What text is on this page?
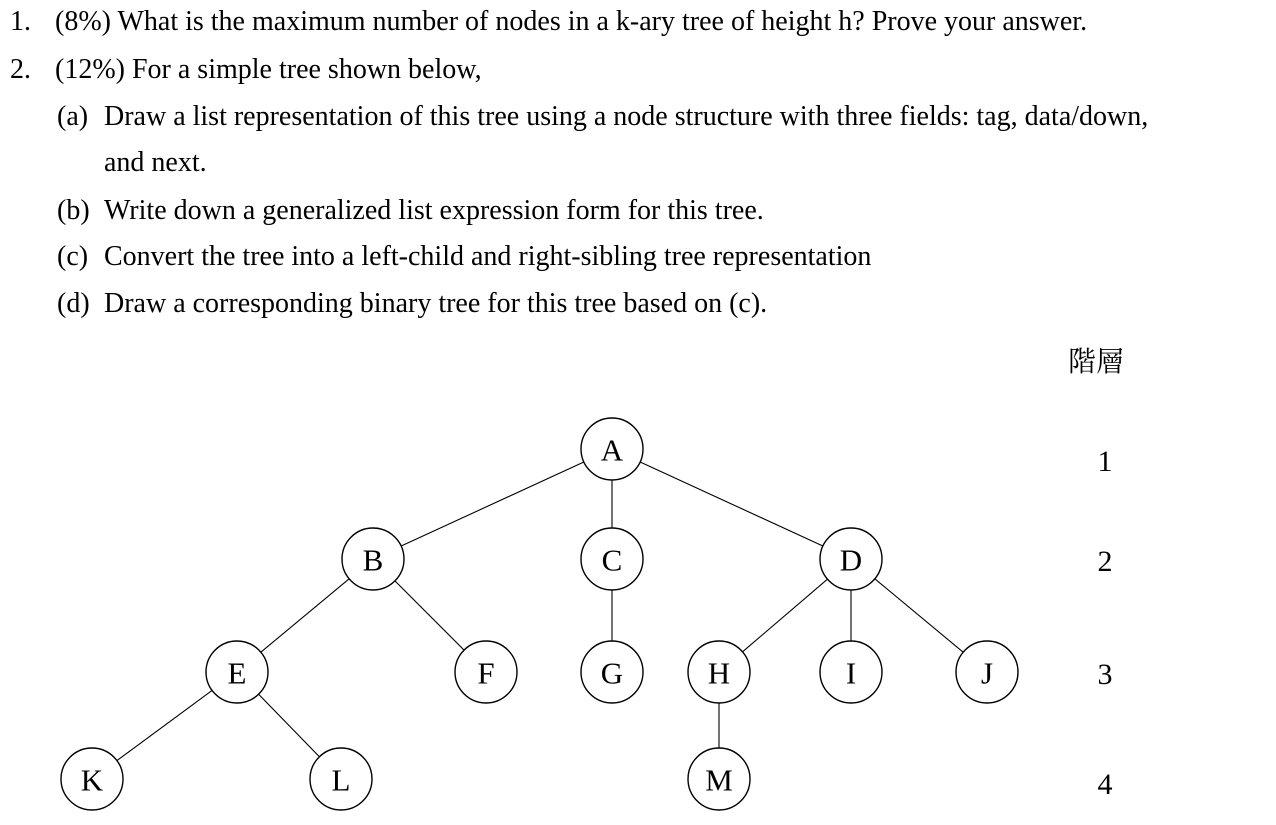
1. (8%) What is the maximum number of nodes in a k-ary tree of height h? Prove your answer.
2. (12%) For a simple tree shown below,
(a) Draw a list representation of this tree using a node structure with three fields: tag, data/down,
and next.
(b) Write down a generalized list expression form for this tree.
(c) Convert the tree into a left-child and right-sibling tree representation
(d) Draw a corresponding binary tree for this tree based on (c).
階層
1
2
3
4
A
B	C	D
E	F	G	H	I	J
K	L	M
